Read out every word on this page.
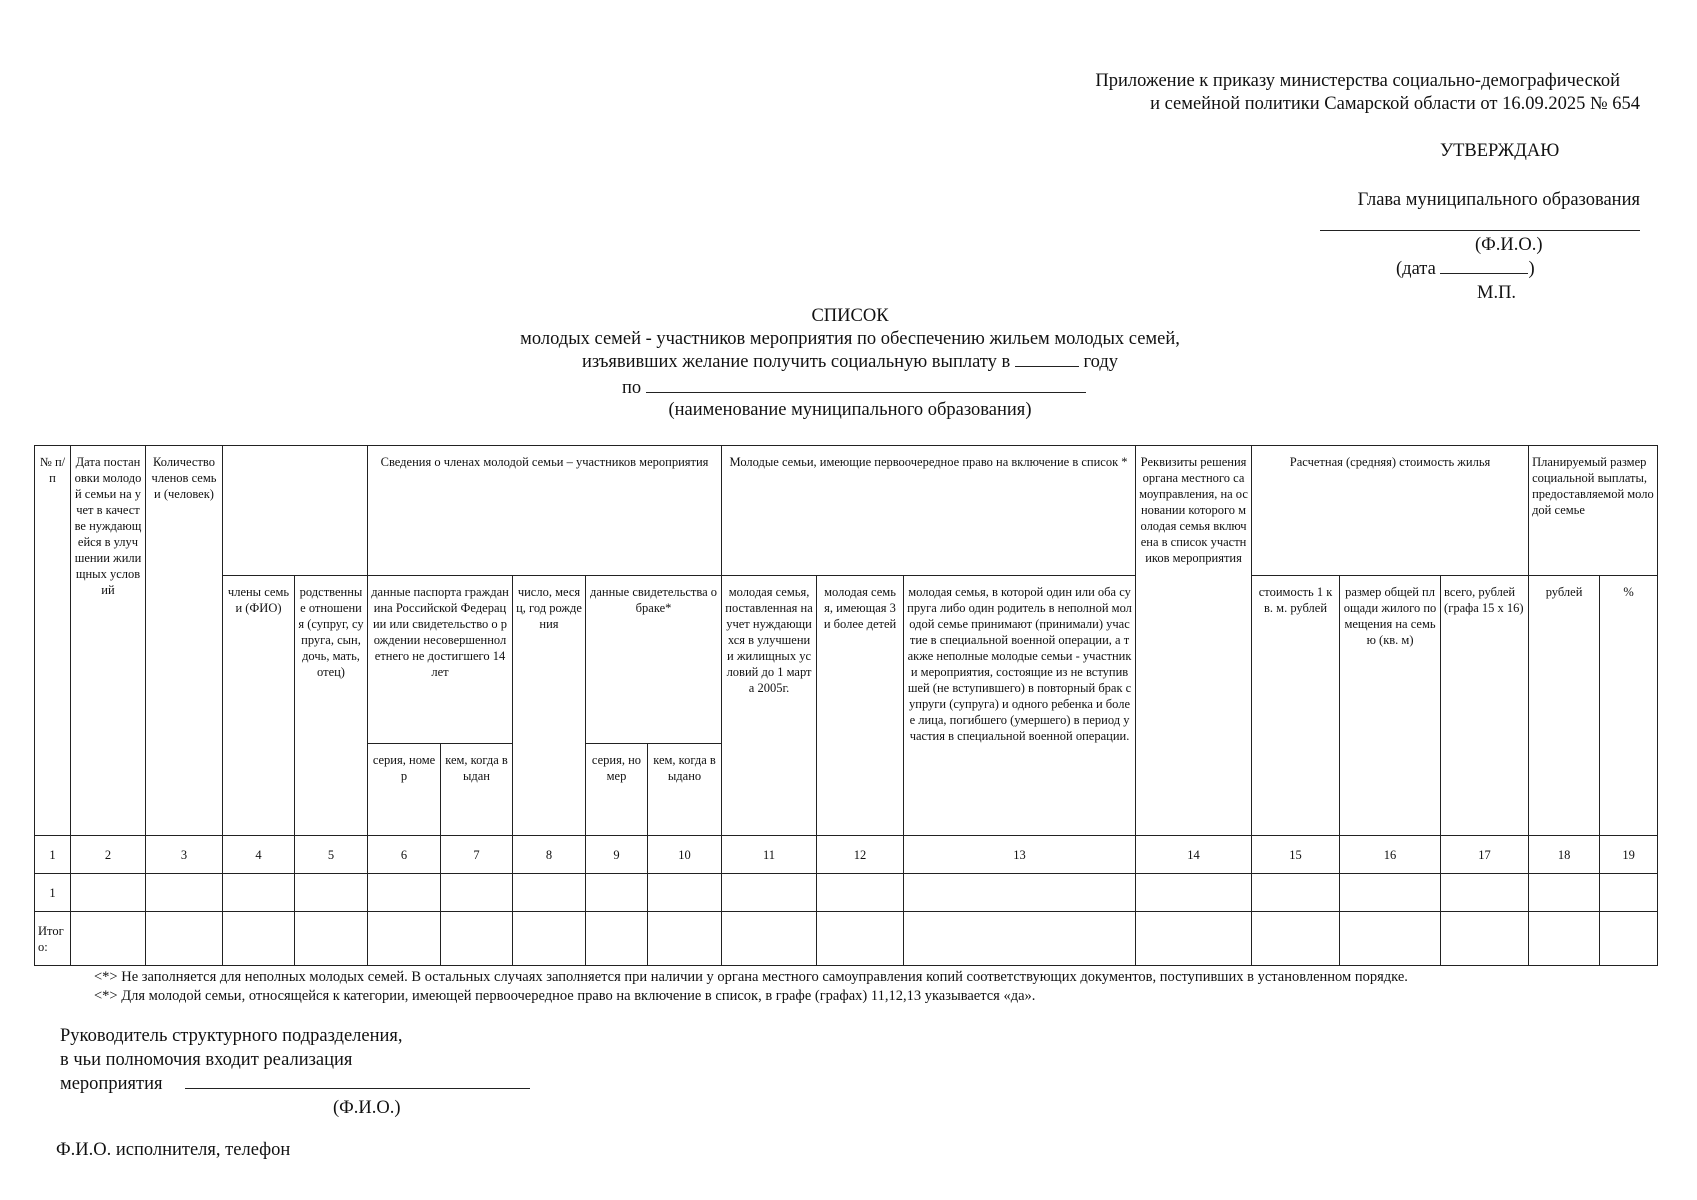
Приложение к приказу министерства социально-демографической
и семейной политики Самарской области от 16.09.2025 № 654
УТВЕРЖДАЮ
Глава муниципального образования
(Ф.И.О.)
(дата	)
М.П.
СПИСОК
молодых семей - участников мероприятия по обеспечению жильем молодых семей,
изъявивших желание получить социальную выплату в	году
по
(наименование муниципального образования)
№ п/п	Дата постановки молодой семьи на учет в качестве нуждающейся в улучшении жилищных условий	Количество членов семьи (человек)			Сведения о членах молодой семьи – участников мероприятия					Молодые семьи, имеющие первоочередное право на включение в список *			Реквизиты решения органа местного самоуправления, на основании которого молодая семья включена в список участников мероприятия	Расчетная (средняя) стоимость жилья			Планируемый размер социальной выплаты, предоставляемой молодой семье	
			члены семьи (ФИО)	родственные отношения (супруг, супруга, сын, дочь, мать, отец)	данные паспорта гражданина Российской Федерации или свидетельство о рождении несовершеннолетнего не достигшего 14 лет		число, месяц, год рождения	данные свидетельства о браке*		молодая семья, поставленная на учет нуждающихся в улучшении жилищных условий до 1 марта 2005г.	молодая семья, имеющая 3 и более детей	молодая семья, в которой один или оба супруга либо один родитель в неполной молодой семье принимают (принимали) участие в специальной военной операции, а также неполные молодые семьи - участники мероприятия, состоящие из не вступившей (не вступившего) в повторный брак супруги (супруга) и одного ребенка и более лица, погибшего (умершего) в период участия в специальной военной операции.		стоимость 1 кв. м. рублей	размер общей площади жилого помещения на семью (кв. м)	всего, рублей (графа 15 х 16)	рублей	%
					серия, номер	кем, когда выдан		серия, номер	кем, когда выдано									
1	2	3	4	5	6	7	8	9	10	11	12	13	14	15	16	17	18	19
1																		
Итого:																		
<*> Не заполняется для неполных молодых семей. В остальных случаях заполняется при наличии у органа местного самоуправления копий соответствующих документов, поступивших в установленном порядке.
<*> Для молодой семьи, относящейся к категории, имеющей первоочередное право на включение в список, в графе (графах) 11,12,13 указывается «да».
Руководитель структурного подразделения,
в чьи полномочия входит реализация
мероприятия
(Ф.И.О.)
Ф.И.О. исполнителя, телефон
